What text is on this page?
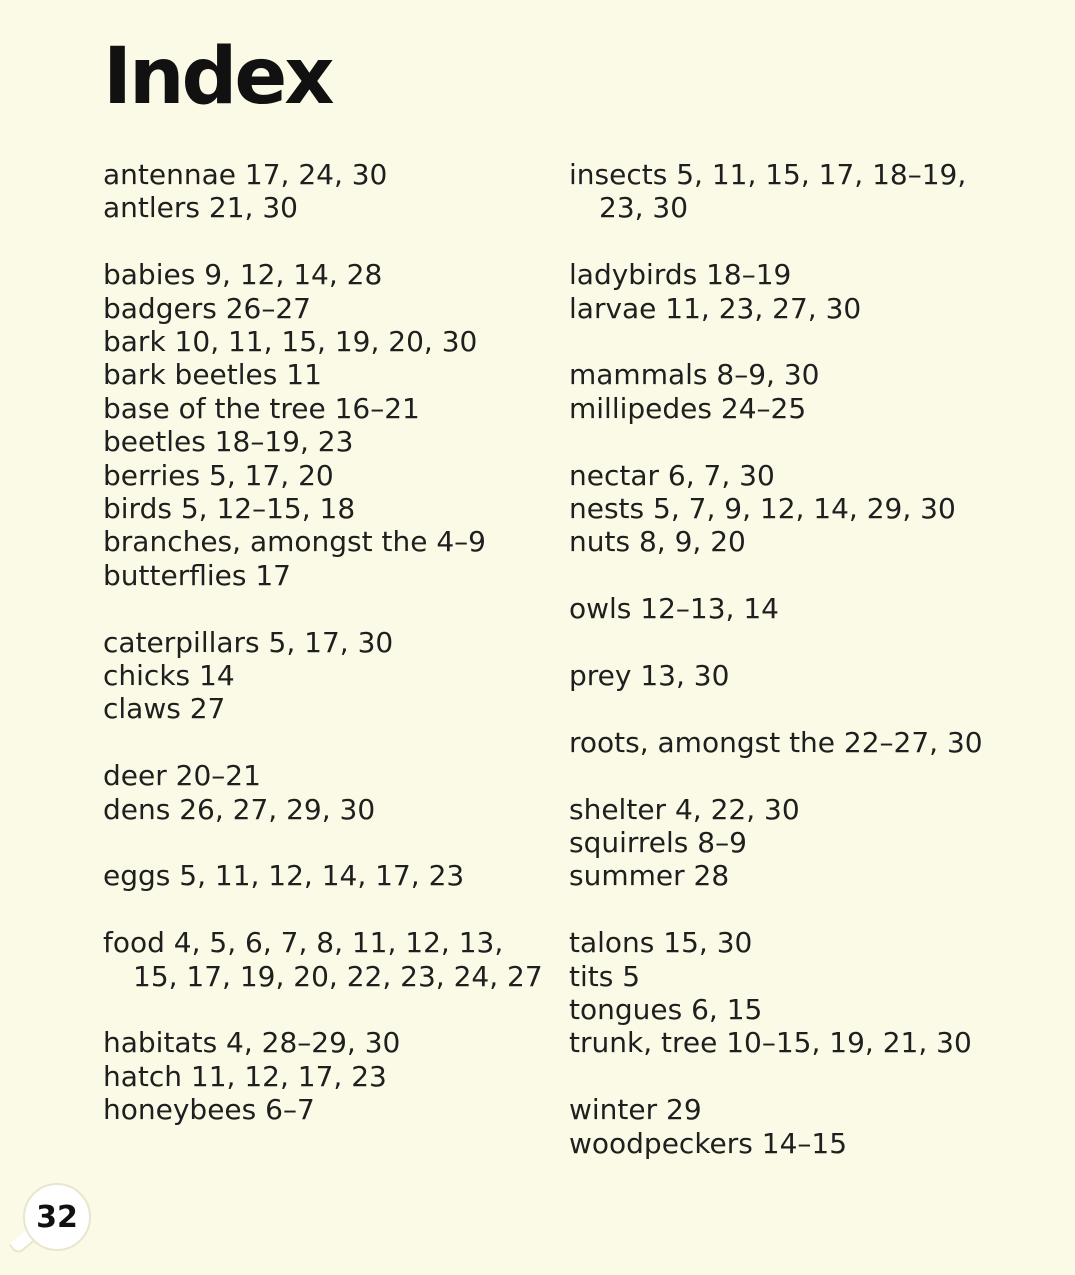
Index
antennae 17, 24, 30
antlers 21, 30
babies 9, 12, 14, 28
badgers 26–27
bark 10, 11, 15, 19, 20, 30
bark beetles 11
base of the tree 16–21
beetles 18–19, 23
berries 5, 17, 20
birds 5, 12–15, 18
branches, amongst the 4–9
butterflies 17
caterpillars 5, 17, 30
chicks 14
claws 27
deer 20–21
dens 26, 27, 29, 30
eggs 5, 11, 12, 14, 17, 23
food 4, 5, 6, 7, 8, 11, 12, 13, 15, 17, 19, 20, 22, 23, 24, 27
habitats 4, 28–29, 30
hatch 11, 12, 17, 23
honeybees 6–7
insects 5, 11, 15, 17, 18–19, 23, 30
ladybirds 18–19
larvae 11, 23, 27, 30
mammals 8–9, 30
millipedes 24–25
nectar 6, 7, 30
nests 5, 7, 9, 12, 14, 29, 30
nuts 8, 9, 20
owls 12–13, 14
prey 13, 30
roots, amongst the 22–27, 30
shelter 4, 22, 30
squirrels 8–9
summer 28
talons 15, 30
tits 5
tongues 6, 15
trunk, tree 10–15, 19, 21, 30
winter 29
woodpeckers 14–15
32
